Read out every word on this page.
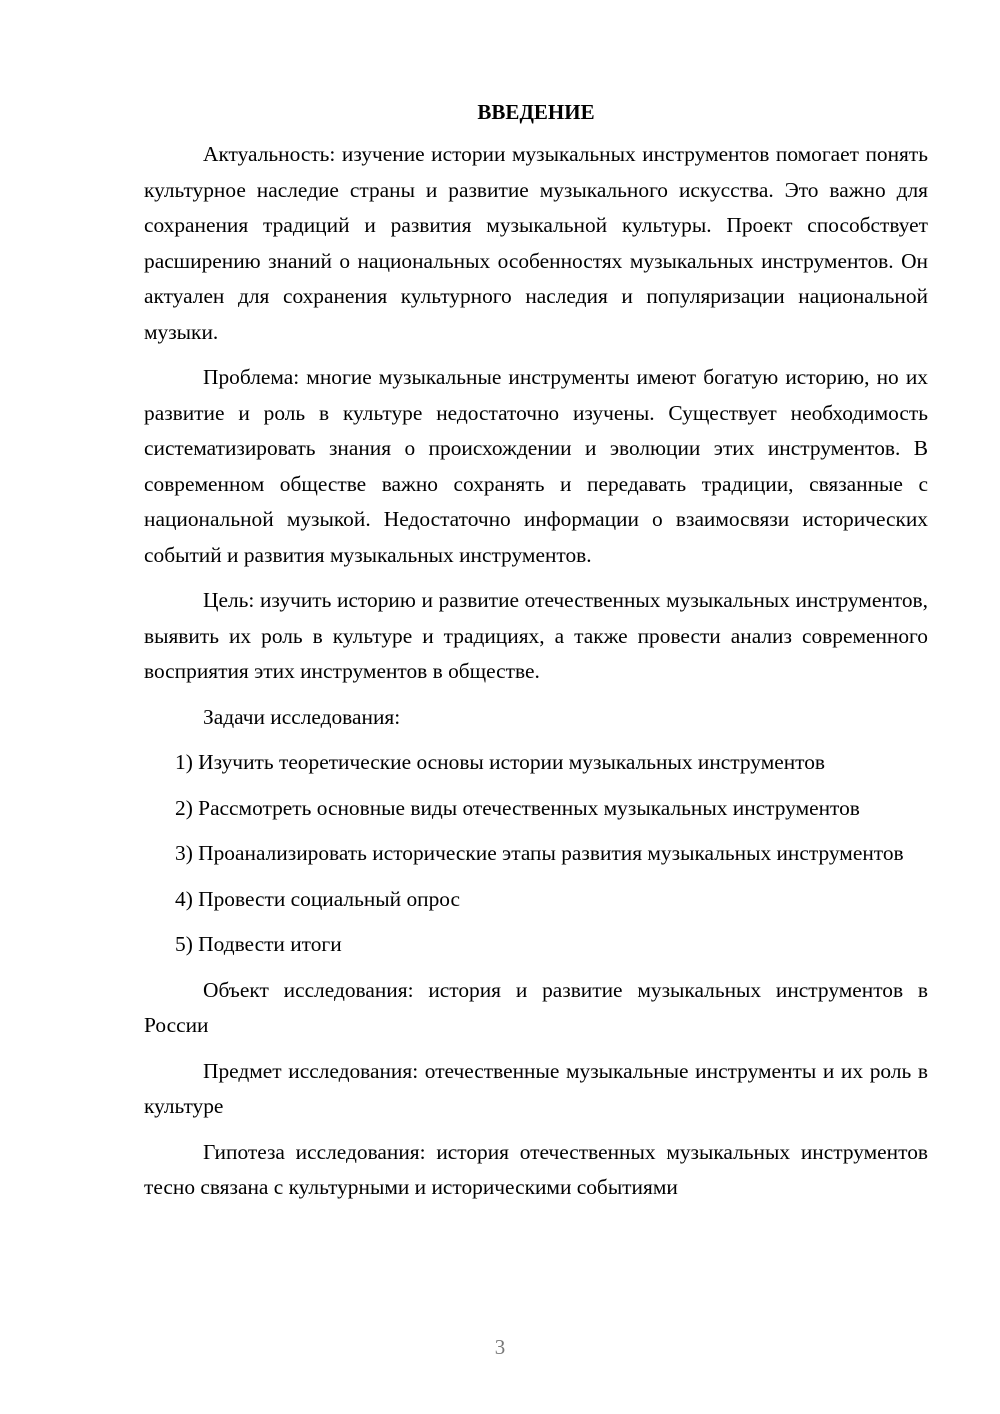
ВВЕДЕНИЕ

Актуальность: изучение истории музыкальных инструментов помогает понять культурное наследие страны и развитие музыкального искусства. Это важно для сохранения традиций и развития музыкальной культуры. Проект способствует расширению знаний о национальных особенностях музыкальных инструментов. Он актуален для сохранения культурного наследия и популяризации национальной музыки.

Проблема: многие музыкальные инструменты имеют богатую историю, но их развитие и роль в культуре недостаточно изучены. Существует необходимость систематизировать знания о происхождении и эволюции этих инструментов. В современном обществе важно сохранять и передавать традиции, связанные с национальной музыкой. Недостаточно информации о взаимосвязи исторических событий и развития музыкальных инструментов.

Цель: изучить историю и развитие отечественных музыкальных инструментов, выявить их роль в культуре и традициях, а также провести анализ современного восприятия этих инструментов в обществе.

Задачи исследования:

1) Изучить теоретические основы истории музыкальных инструментов

2) Рассмотреть основные виды отечественных музыкальных инструментов

3) Проанализировать исторические этапы развития музыкальных инструментов

4) Провести социальный опрос

5) Подвести итоги

Объект исследования: история и развитие музыкальных инструментов в России

Предмет исследования: отечественные музыкальные инструменты и их роль в культуре

Гипотеза исследования: история отечественных музыкальных инструментов тесно связана с культурными и историческими событиями

3
